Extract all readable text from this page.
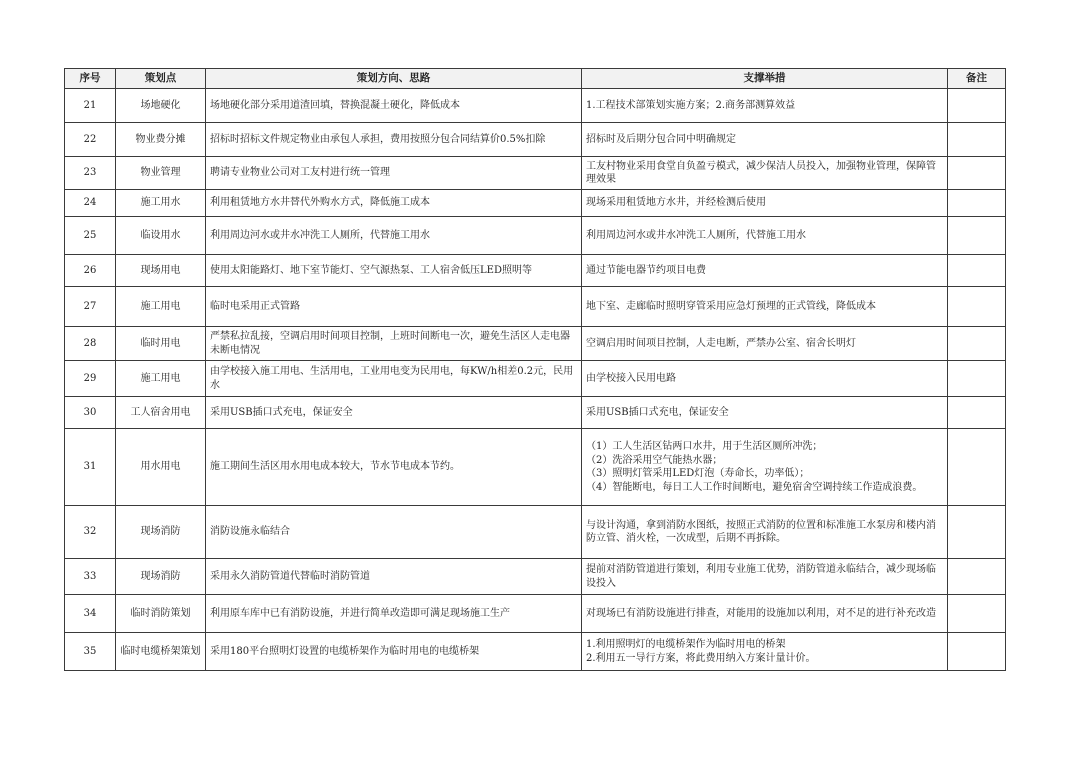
序号	策划点	策划方向、思路	支撑举措	备注
21	场地硬化	场地硬化部分采用道渣回填，替换混凝土硬化，降低成本	1.工程技术部策划实施方案；2.商务部测算效益	
22	物业费分摊	招标时招标文件规定物业由承包人承担，费用按照分包合同结算价0.5%扣除	招标时及后期分包合同中明确规定	
23	物业管理	聘请专业物业公司对工友村进行统一管理	工友村物业采用食堂自负盈亏模式，减少保洁人员投入，加强物业管理，保障管理效果	
24	施工用水	利用租赁地方水井替代外购水方式，降低施工成本	现场采用租赁地方水井，并经检测后使用	
25	临设用水	利用周边河水或井水冲洗工人厕所，代替施工用水	利用周边河水或井水冲洗工人厕所，代替施工用水	
26	现场用电	使用太阳能路灯、地下室节能灯、空气源热泵、工人宿舍低压LED照明等	通过节能电器节约项目电费	
27	施工用电	临时电采用正式管路	地下室、走廊临时照明穿管采用应急灯预埋的正式管线，降低成本	
28	临时用电	严禁私拉乱接，空调启用时间项目控制，上班时间断电一次，避免生活区人走电器未断电情况	空调启用时间项目控制，人走电断，严禁办公室、宿舍长明灯	
29	施工用电	由学校接入施工用电、生活用电，工业用电变为民用电，每KW/h相差0.2元，民用水	由学校接入民用电路	
30	工人宿舍用电	采用USB插口式充电，保证安全	采用USB插口式充电，保证安全	
31	用水用电	施工期间生活区用水用电成本较大，节水节电成本节约。	（1）工人生活区钻两口水井，用于生活区厕所冲洗；
（2）洗浴采用空气能热水器；
（3）照明灯管采用LED灯泡（寿命长，功率低）；
（4）智能断电，每日工人工作时间断电，避免宿舍空调持续工作造成浪费。	
32	现场消防	消防设施永临结合	与设计沟通，拿到消防水图纸，按照正式消防的位置和标准施工水泵房和楼内消防立管、消火栓，一次成型，后期不再拆除。	
33	现场消防	采用永久消防管道代替临时消防管道	提前对消防管道进行策划，利用专业施工优势，消防管道永临结合，减少现场临设投入	
34	临时消防策划	利用原车库中已有消防设施，并进行简单改造即可满足现场施工生产	对现场已有消防设施进行排查，对能用的设施加以利用，对不足的进行补充改造	
35	临时电缆桥架策划	采用180平台照明灯设置的电缆桥架作为临时用电的电缆桥架	1.利用照明灯的电缆桥架作为临时用电的桥架
2.利用五一导行方案，将此费用纳入方案计量计价。	
